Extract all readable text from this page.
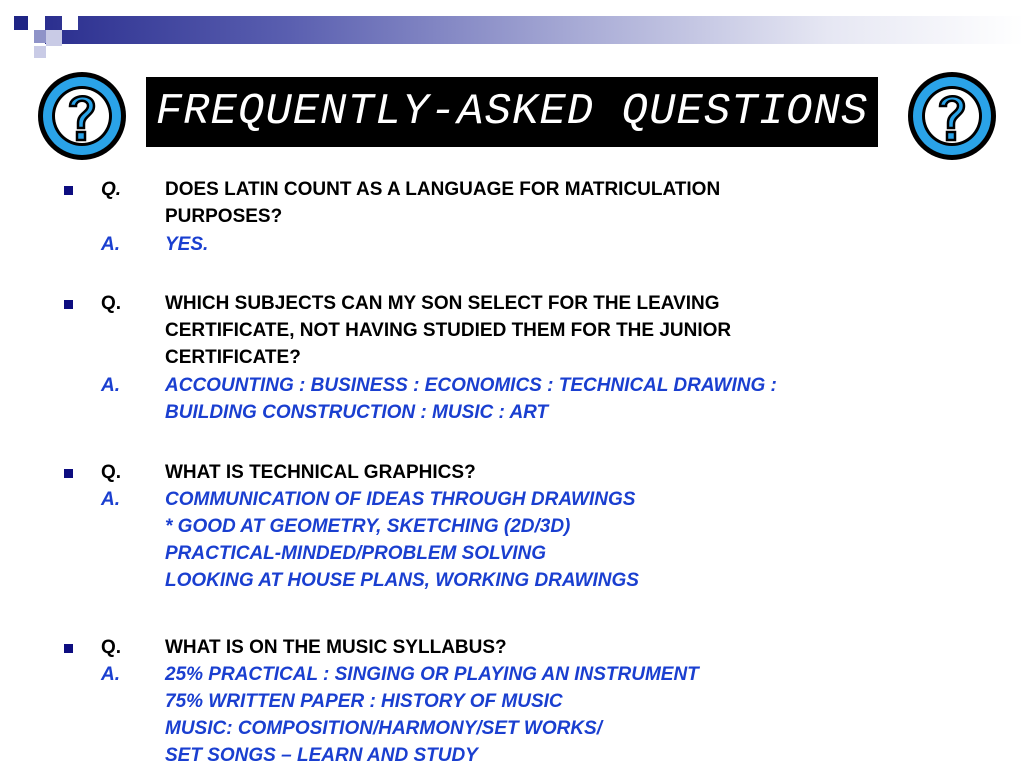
FREQUENTLY-ASKED QUESTIONS
Q. DOES LATIN COUNT AS A LANGUAGE FOR MATRICULATION
PURPOSES?
A. YES.
Q. WHICH SUBJECTS CAN MY SON SELECT FOR THE LEAVING
CERTIFICATE, NOT HAVING STUDIED THEM FOR THE JUNIOR
CERTIFICATE?
A. ACCOUNTING : BUSINESS : ECONOMICS : TECHNICAL DRAWING :
BUILDING CONSTRUCTION : MUSIC : ART
Q. WHAT IS TECHNICAL GRAPHICS?
A. COMMUNICATION OF IDEAS THROUGH DRAWINGS
* GOOD AT GEOMETRY, SKETCHING (2D/3D)
PRACTICAL-MINDED/PROBLEM SOLVING
LOOKING AT HOUSE PLANS, WORKING DRAWINGS
Q. WHAT IS ON THE MUSIC SYLLABUS?
A. 25% PRACTICAL : SINGING OR PLAYING AN INSTRUMENT
75% WRITTEN PAPER : HISTORY OF MUSIC
MUSIC: COMPOSITION/HARMONY/SET WORKS/
SET SONGS – LEARN AND STUDY
